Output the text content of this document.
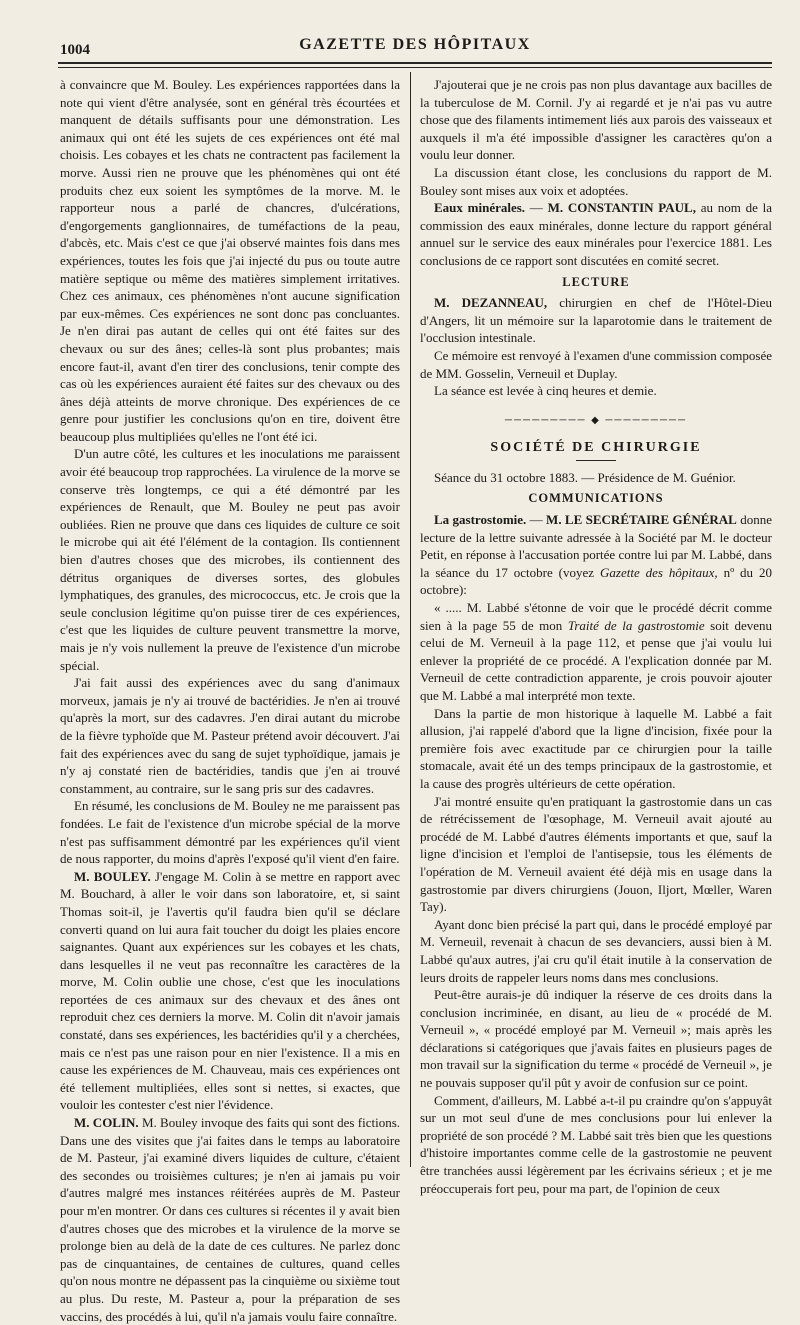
1004	GAZETTE DES HÔPITAUX

à convaincre que M. Bouley. Les expériences rapportées dans la note qui vient d'être analysée, sont en général très écourtées et manquent de détails suffisants pour une démonstration. Les animaux qui ont été les sujets de ces expériences ont été mal choisis. Les cobayes et les chats ne contractent pas facilement la morve. Aussi rien ne prouve que les phénomènes qui ont été produits chez eux soient les symptômes de la morve. M. le rapporteur nous a parlé de chancres, d'ulcérations, d'engorgements ganglionnaires, de tuméfactions de la peau, d'abcès, etc. Mais c'est ce que j'ai observé maintes fois dans mes expériences, toutes les fois que j'ai injecté du pus ou toute autre matière septique ou même des matières simplement irritatives. Chez ces animaux, ces phénomènes n'ont aucune signification par eux-mêmes. Ces expériences ne sont donc pas concluantes. Je n'en dirai pas autant de celles qui ont été faites sur des chevaux ou sur des ânes; celles-là sont plus probantes; mais encore faut-il, avant d'en tirer des conclusions, tenir compte des cas où les expériences auraient été faites sur des chevaux ou des ânes déjà atteints de morve chronique. Des expériences de ce genre pour justifier les conclusions qu'on en tire, doivent être beaucoup plus multipliées qu'elles ne l'ont été ici.

D'un autre côté, les cultures et les inoculations me paraissent avoir été beaucoup trop rapprochées. La virulence de la morve se conserve très longtemps, ce qui a été démontré par les expériences de Renault, que M. Bouley ne peut pas avoir oubliées. Rien ne prouve que dans ces liquides de culture ce soit le microbe qui ait été l'élément de la contagion. Ils contiennent bien d'autres choses que des microbes, ils contiennent des détritus organiques de diverses sortes, des globules lymphatiques, des granules, des micrococcus, etc. Je crois que la seule conclusion légitime qu'on puisse tirer de ces expériences, c'est que les liquides de culture peuvent transmettre la morve, mais je n'y vois nullement la preuve de l'existence d'un microbe spécial.

J'ai fait aussi des expériences avec du sang d'animaux morveux, jamais je n'y ai trouvé de bactéridies. Je n'en ai trouvé qu'après la mort, sur des cadavres. J'en dirai autant du microbe de la fièvre typhoïde que M. Pasteur prétend avoir découvert. J'ai fait des expériences avec du sang de sujet typhoïdique, jamais je n'y aj constaté rien de bactéridies, tandis que j'en ai trouvé constamment, au contraire, sur le sang pris sur des cadavres.

En résumé, les conclusions de M. Bouley ne me paraissent pas fondées. Le fait de l'existence d'un microbe spécial de la morve n'est pas suffisamment démontré par les expériences qu'il vient de nous rapporter, du moins d'après l'exposé qu'il vient d'en faire.

M. BOULEY. J'engage M. Colin à se mettre en rapport avec M. Bouchard, à aller le voir dans son laboratoire, et, si saint Thomas soit-il, je l'avertis qu'il faudra bien qu'il se déclare converti quand on lui aura fait toucher du doigt les plaies encore saignantes. Quant aux expériences sur les cobayes et les chats, dans lesquelles il ne veut pas reconnaître les caractères de la morve, M. Colin oublie une chose, c'est que les inoculations reportées de ces animaux sur des chevaux et des ânes ont reproduit chez ces derniers la morve. M. Colin dit n'avoir jamais constaté, dans ses expériences, les bactéridies qu'il y a cherchées, mais ce n'est pas une raison pour en nier l'existence. Il a mis en cause les expériences de M. Chauveau, mais ces expériences ont été tellement multipliées, elles sont si nettes, si exactes, que vouloir les contester c'est nier l'évidence.

M. COLIN. M. Bouley invoque des faits qui sont des fictions. Dans une des visites que j'ai faites dans le temps au laboratoire de M. Pasteur, j'ai examiné divers liquides de culture, c'étaient des secondes ou troisièmes cultures; je n'en ai jamais pu voir d'autres malgré mes instances réitérées auprès de M. Pasteur pour m'en montrer. Or dans ces cultures si récentes il y avait bien d'autres choses que des microbes et la virulence de la morve se prolonge bien au delà de la date de ces cultures. Ne parlez donc pas de cinquantaines, de centaines de cultures, quand celles qu'on nous montre ne dépassent pas la cinquième ou sixième tout au plus. Du reste, M. Pasteur a, pour la préparation de ses vaccins, des procédés à lui, qu'il n'a jamais voulu faire connaître.

J'ajouterai que je ne crois pas non plus davantage aux bacilles de la tuberculose de M. Cornil. J'y ai regardé et je n'ai pas vu autre chose que des filaments intimement liés aux parois des vaisseaux et auxquels il m'a été impossible d'assigner les caractères qu'on a voulu leur donner.

La discussion étant close, les conclusions du rapport de M. Bouley sont mises aux voix et adoptées.

Eaux minérales. — M. CONSTANTIN PAUL, au nom de la commission des eaux minérales, donne lecture du rapport général annuel sur le service des eaux minérales pour l'exercice 1881. Les conclusions de ce rapport sont discutées en comité secret.

LECTURE

M. DEZANNEAU, chirurgien en chef de l'Hôtel-Dieu d'Angers, lit un mémoire sur la laparotomie dans le traitement de l'occlusion intestinale.

Ce mémoire est renvoyé à l'examen d'une commission composée de MM. Gosselin, Verneuil et Duplay.

La séance est levée à cinq heures et demie.

───────── ◆ ─────────
SOCIÉTÉ DE CHIRURGIE

Séance du 31 octobre 1883. — Présidence de M. Guénior.

COMMUNICATIONS

La gastrostomie. — M. LE SECRÉTAIRE GÉNÉRAL donne lecture de la lettre suivante adressée à la Société par M. le docteur Petit, en réponse à l'accusation portée contre lui par M. Labbé, dans la séance du 17 octobre (voyez Gazette des hôpitaux, nº du 20 octobre):

« ..... M. Labbé s'étonne de voir que le procédé décrit comme sien à la page 55 de mon Traité de la gastrostomie soit devenu celui de M. Verneuil à la page 112, et pense que j'ai voulu lui enlever la propriété de ce procédé. A l'explication donnée par M. Verneuil de cette contradiction apparente, je crois pouvoir ajouter que M. Labbé a mal interprété mon texte.

Dans la partie de mon historique à laquelle M. Labbé a fait allusion, j'ai rappelé d'abord que la ligne d'incision, fixée pour la première fois avec exactitude par ce chirurgien pour la taille stomacale, avait été un des temps principaux de la gastrostomie, et la cause des progrès ultérieurs de cette opération.

J'ai montré ensuite qu'en pratiquant la gastrostomie dans un cas de rétrécissement de l'œsophage, M. Verneuil avait ajouté au procédé de M. Labbé d'autres éléments importants et que, sauf la ligne d'incision et l'emploi de l'antisepsie, tous les éléments de l'opération de M. Verneuil avaient été déjà mis en usage dans la gastrostomie par divers chirurgiens (Jouon, Iljort, Mœller, Waren Tay).

Ayant donc bien précisé la part qui, dans le procédé employé par M. Verneuil, revenait à chacun de ses devanciers, aussi bien à M. Labbé qu'aux autres, j'ai cru qu'il était inutile à la conservation de leurs droits de rappeler leurs noms dans mes conclusions.

Peut-être aurais-je dû indiquer la réserve de ces droits dans la conclusion incriminée, en disant, au lieu de « procédé de M. Verneuil », « procédé employé par M. Verneuil »; mais après les déclarations si catégoriques que j'avais faites en plusieurs pages de mon travail sur la signification du terme « procédé de Verneuil », je ne pouvais supposer qu'il pût y avoir de confusion sur ce point.

Comment, d'ailleurs, M. Labbé a-t-il pu craindre qu'on s'appuyât sur un mot seul d'une de mes conclusions pour lui enlever la propriété de son procédé ? M. Labbé sait très bien que les questions d'histoire importantes comme celle de la gastrostomie ne peuvent être tranchées aussi légèrement par les écrivains sérieux ; et je me préoccuperais fort peu, pour ma part, de l'opinion de ceux
